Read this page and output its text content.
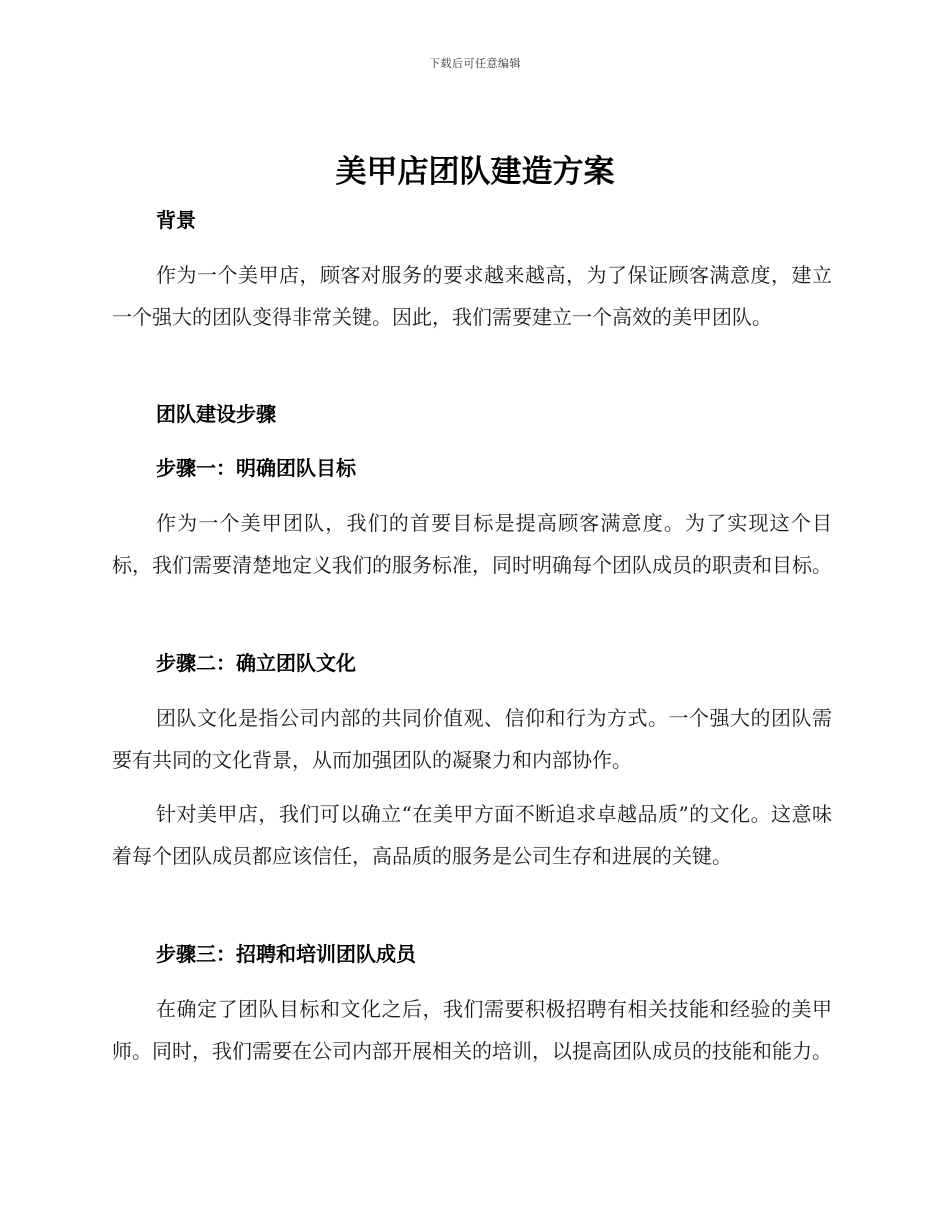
下载后可任意编辑
美甲店团队建造方案
背景

作为一个美甲店，顾客对服务的要求越来越高，为了保证顾客满意度，建立一个强大的团队变得非常关键。因此，我们需要建立一个高效的美甲团队。

团队建设步骤
步骤一：明确团队目标

作为一个美甲团队，我们的首要目标是提高顾客满意度。为了实现这个目标，我们需要清楚地定义我们的服务标准，同时明确每个团队成员的职责和目标。

步骤二：确立团队文化

团队文化是指公司内部的共同价值观、信仰和行为方式。一个强大的团队需要有共同的文化背景，从而加强团队的凝聚力和内部协作。

针对美甲店，我们可以确立“在美甲方面不断追求卓越品质”的文化。这意味着每个团队成员都应该信任，高品质的服务是公司生存和进展的关键。

步骤三：招聘和培训团队成员

在确定了团队目标和文化之后，我们需要积极招聘有相关技能和经验的美甲师。同时，我们需要在公司内部开展相关的培训，以提高团队成员的技能和能力。
